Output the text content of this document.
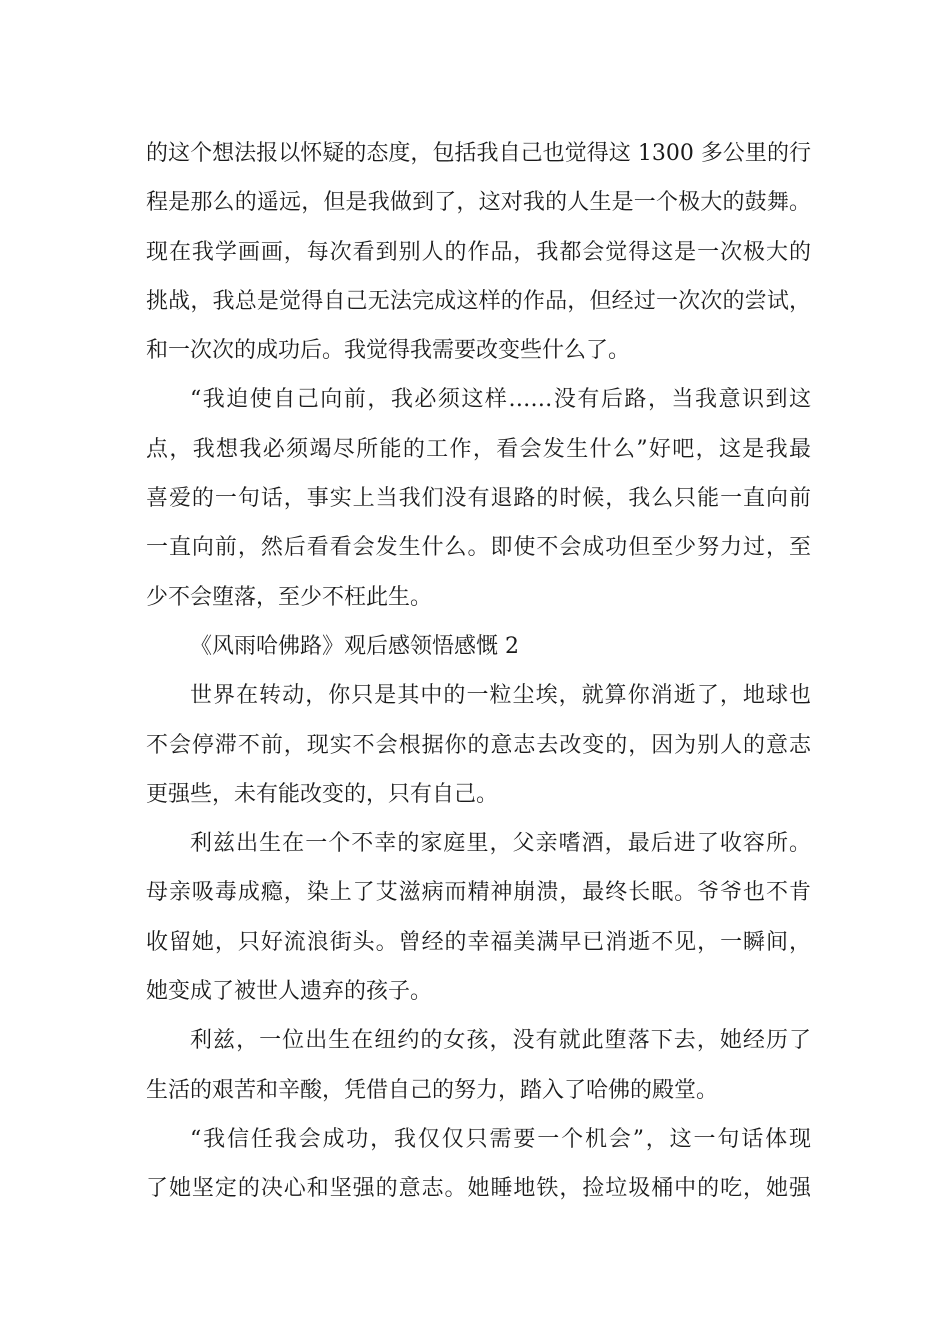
的这个想法报以怀疑的态度，包括我自己也觉得这 1300 多公里的行
程是那么的遥远，但是我做到了，这对我的人生是一个极大的鼓舞。
现在我学画画，每次看到别人的作品，我都会觉得这是一次极大的
挑战，我总是觉得自己无法完成这样的作品，但经过一次次的尝试，
和一次次的成功后。我觉得我需要改变些什么了。
“我迫使自己向前，我必须这样……没有后路，当我意识到这
点，我想我必须竭尽所能的工作，看会发生什么”好吧，这是我最
喜爱的一句话，事实上当我们没有退路的时候，我么只能一直向前
一直向前，然后看看会发生什么。即使不会成功但至少努力过，至
少不会堕落，至少不枉此生。
《风雨哈佛路》观后感领悟感慨 2
世界在转动，你只是其中的一粒尘埃，就算你消逝了，地球也
不会停滞不前，现实不会根据你的意志去改变的，因为别人的意志
更强些，未有能改变的，只有自己。
利兹出生在一个不幸的家庭里，父亲嗜酒，最后进了收容所。
母亲吸毒成瘾，染上了艾滋病而精神崩溃，最终长眠。爷爷也不肯
收留她，只好流浪街头。曾经的幸福美满早已消逝不见，一瞬间，
她变成了被世人遗弃的孩子。
利兹，一位出生在纽约的女孩，没有就此堕落下去，她经历了
生活的艰苦和辛酸，凭借自己的努力，踏入了哈佛的殿堂。
“我信任我会成功，我仅仅只需要一个机会”，这一句话体现
了她坚定的决心和坚强的意志。她睡地铁，捡垃圾桶中的吃，她强
